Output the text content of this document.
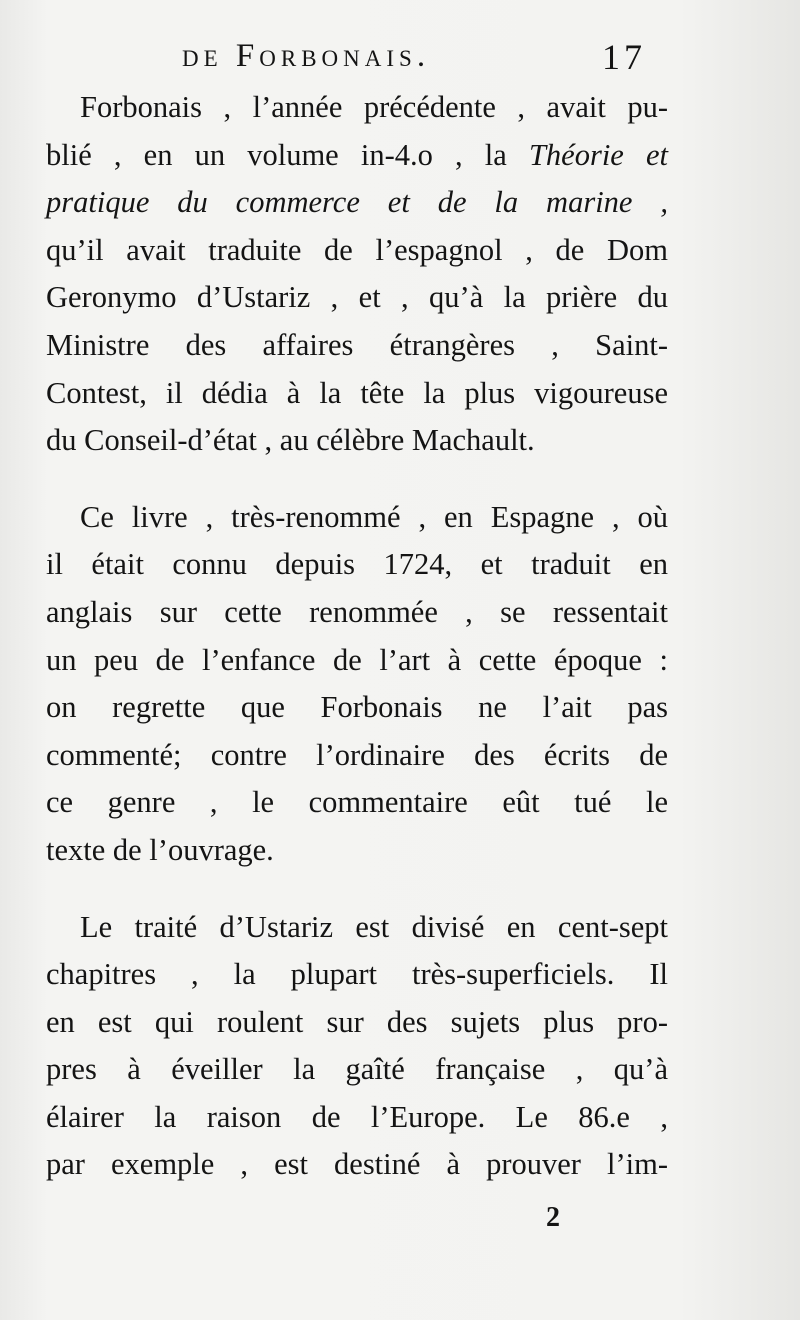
de Forbonais.	17

Forbonais , l’année précédente , avait pu-
blié , en un volume in-4.o , la Théorie et
pratique du commerce et de la marine ,
qu’il avait traduite de l’espagnol , de Dom
Geronymo d’Ustariz , et , qu’à la prière du
Ministre des affaires étrangères , Saint-
Contest, il dédia à la tête la plus vigoureuse
du Conseil-d’état , au célèbre Machault.

Ce livre , très-renommé , en Espagne , où
il était connu depuis 1724, et traduit en
anglais sur cette renommée , se ressentait
un peu de l’enfance de l’art à cette époque :
on regrette que Forbonais ne l’ait pas
commenté; contre l’ordinaire des écrits de
ce genre , le commentaire eût tué le
texte de l’ouvrage.

Le traité d’Ustariz est divisé en cent-sept
chapitres , la plupart très-superficiels. Il
en est qui roulent sur des sujets plus pro-
pres à éveiller la gaîté française , qu’à
élairer la raison de l’Europe. Le 86.e ,
par exemple , est destiné à prouver l’im-

2
